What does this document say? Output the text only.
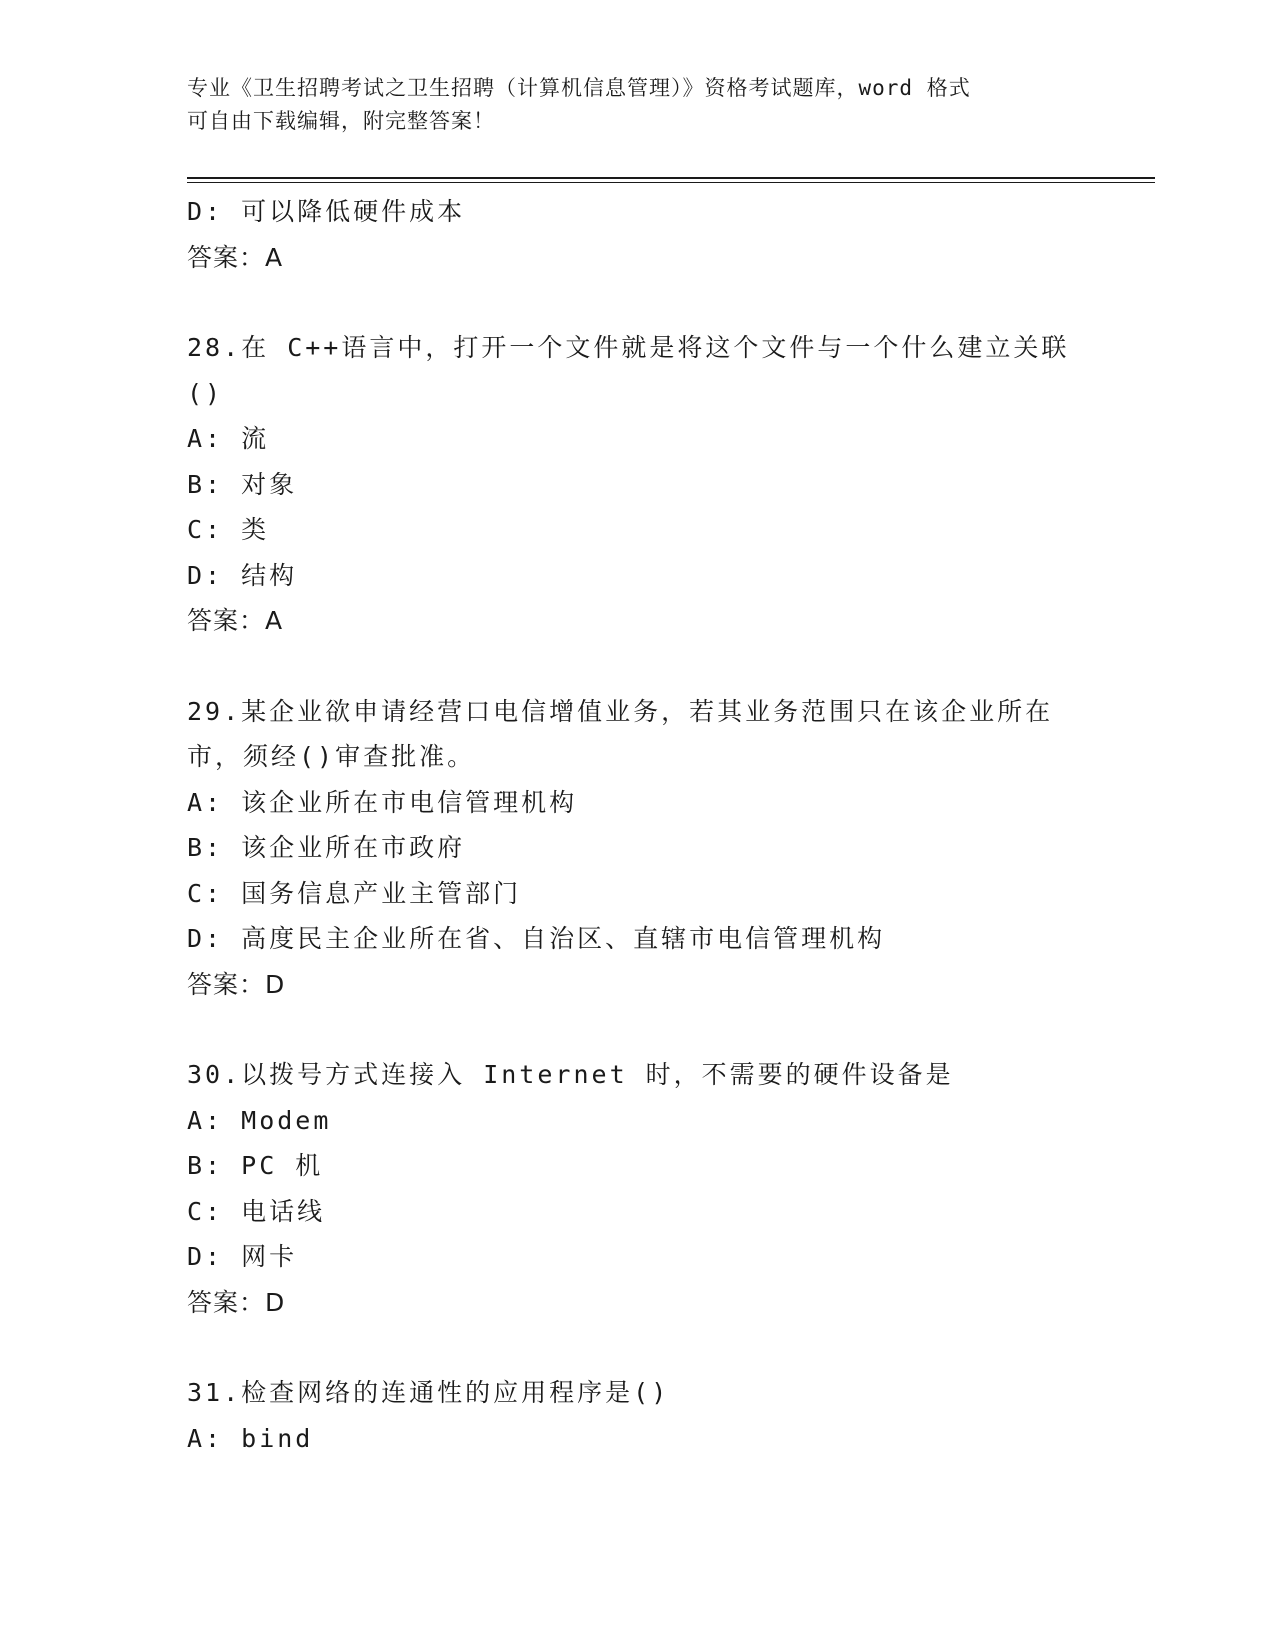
专业《卫生招聘考试之卫生招聘（计算机信息管理）》资格考试题库，word 格式
可自由下载编辑，附完整答案！
D: 可以降低硬件成本
答案：A
28.在 C++语言中，打开一个文件就是将这个文件与一个什么建立关联
()
A: 流
B: 对象
C: 类
D: 结构
答案：A
29.某企业欲申请经营口电信增值业务，若其业务范围只在该企业所在
市，须经()审查批准。
A: 该企业所在市电信管理机构
B: 该企业所在市政府
C: 国务信息产业主管部门
D: 高度民主企业所在省、自治区、直辖市电信管理机构
答案：D
30.以拨号方式连接入 Internet 时，不需要的硬件设备是
A: Modem
B: PC 机
C: 电话线
D: 网卡
答案：D
31.检查网络的连通性的应用程序是()
A: bind
